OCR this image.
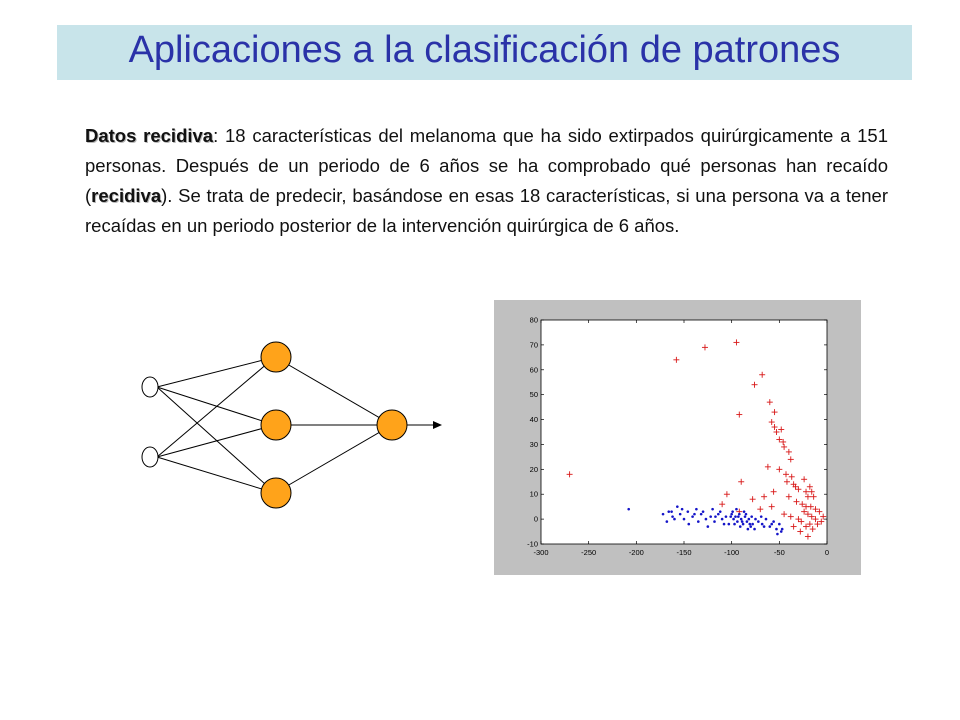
Aplicaciones a la clasificación de patrones
Datos recidiva: 18 características del melanoma que ha sido extirpados quirúrgicamente a 151 personas. Después de un periodo de 6 años se ha comprobado qué personas han recaído (recidiva). Se trata de predecir, basándose en esas 18 características, si una persona va a tener recaídas en un periodo posterior de la intervención quirúrgica de 6 años.
-300	-250	-200	-150	-100	-50	0
-10
0
10
20
30
40
50
60
70
80
